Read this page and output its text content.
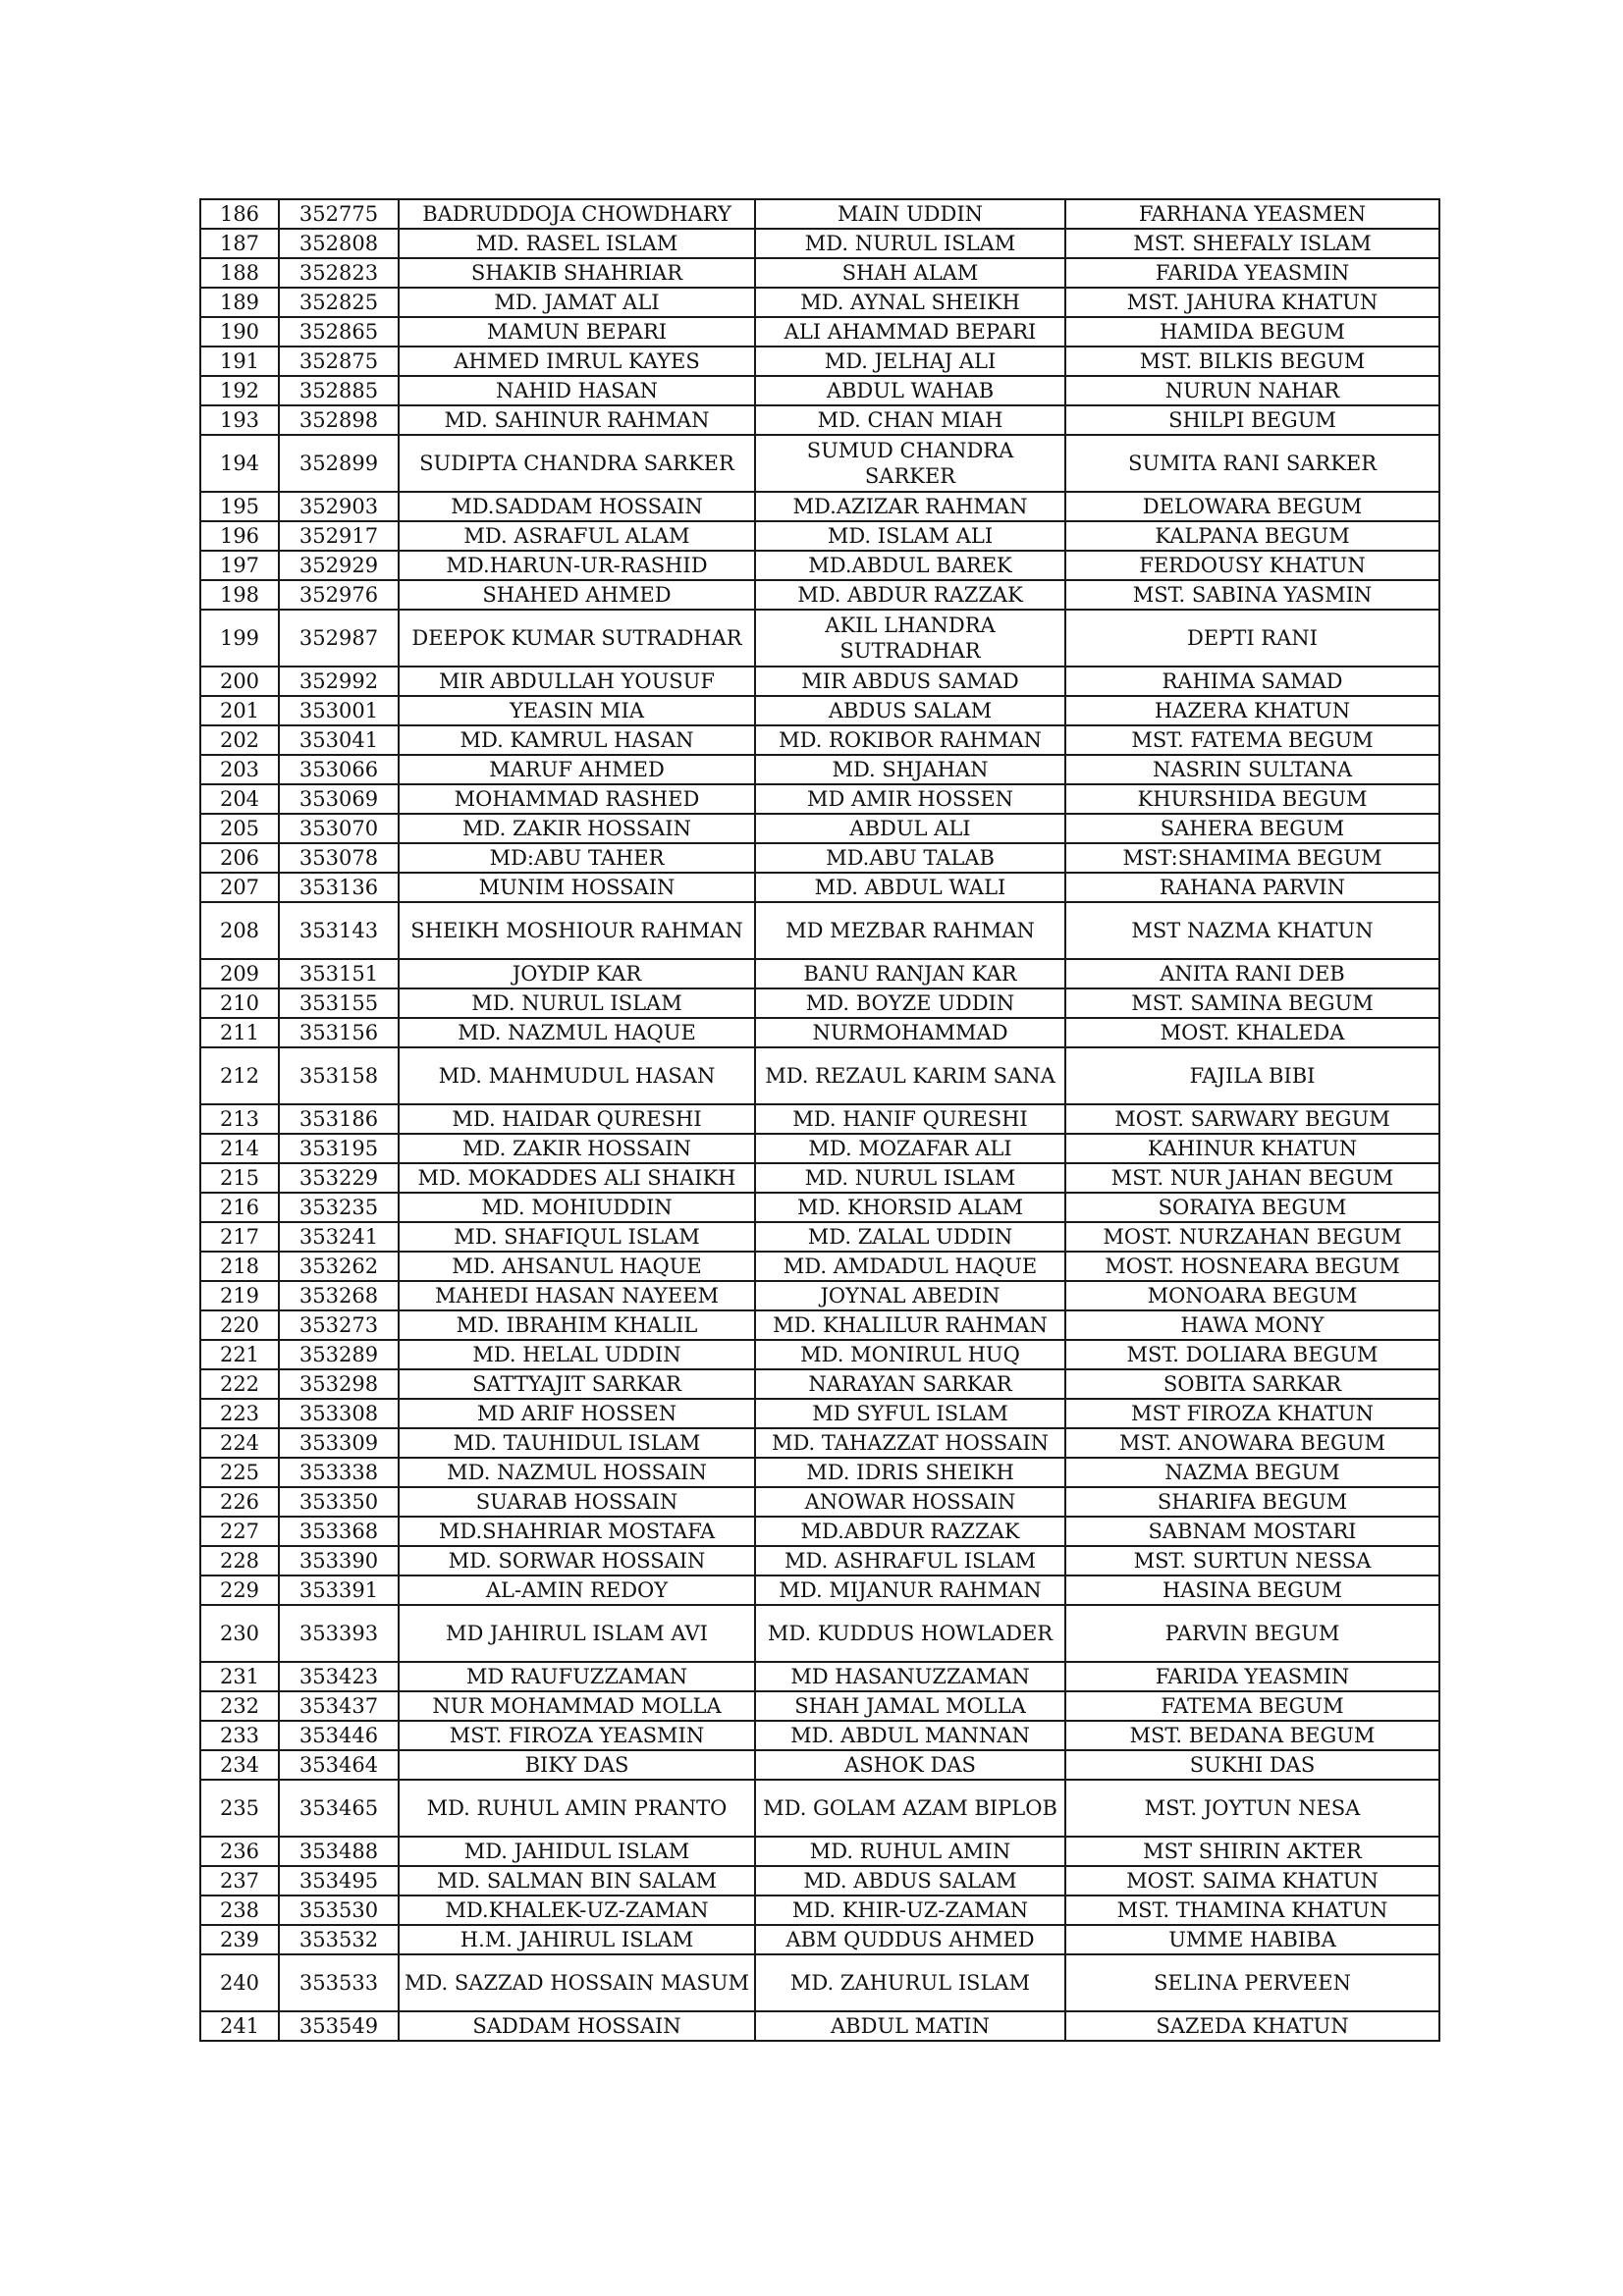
186	352775	BADRUDDOJA CHOWDHARY	MAIN UDDIN	FARHANA YEASMEN
187	352808	MD. RASEL ISLAM	MD. NURUL ISLAM	MST. SHEFALY ISLAM
188	352823	SHAKIB SHAHRIAR	SHAH ALAM	FARIDA YEASMIN
189	352825	MD. JAMAT ALI	MD. AYNAL SHEIKH	MST. JAHURA KHATUN
190	352865	MAMUN BEPARI	ALI AHAMMAD BEPARI	HAMIDA BEGUM
191	352875	AHMED IMRUL KAYES	MD. JELHAJ ALI	MST. BILKIS BEGUM
192	352885	NAHID HASAN	ABDUL WAHAB	NURUN NAHAR
193	352898	MD. SAHINUR RAHMAN	MD. CHAN MIAH	SHILPI BEGUM
194	352899	SUDIPTA CHANDRA SARKER	SUMUD CHANDRA SARKER	SUMITA RANI SARKER
195	352903	MD.SADDAM HOSSAIN	MD.AZIZAR RAHMAN	DELOWARA BEGUM
196	352917	MD. ASRAFUL ALAM	MD. ISLAM ALI	KALPANA BEGUM
197	352929	MD.HARUN-UR-RASHID	MD.ABDUL BAREK	FERDOUSY KHATUN
198	352976	SHAHED AHMED	MD. ABDUR RAZZAK	MST. SABINA YASMIN
199	352987	DEEPOK KUMAR SUTRADHAR	AKIL LHANDRA SUTRADHAR	DEPTI RANI
200	352992	MIR ABDULLAH YOUSUF	MIR ABDUS SAMAD	RAHIMA SAMAD
201	353001	YEASIN MIA	ABDUS SALAM	HAZERA KHATUN
202	353041	MD. KAMRUL HASAN	MD. ROKIBOR RAHMAN	MST. FATEMA BEGUM
203	353066	MARUF AHMED	MD. SHJAHAN	NASRIN SULTANA
204	353069	MOHAMMAD RASHED	MD AMIR HOSSEN	KHURSHIDA BEGUM
205	353070	MD. ZAKIR HOSSAIN	ABDUL ALI	SAHERA BEGUM
206	353078	MD:ABU TAHER	MD.ABU TALAB	MST:SHAMIMA BEGUM
207	353136	MUNIM HOSSAIN	MD. ABDUL WALI	RAHANA PARVIN
208	353143	SHEIKH MOSHIOUR RAHMAN	MD MEZBAR RAHMAN	MST NAZMA KHATUN
209	353151	JOYDIP KAR	BANU RANJAN KAR	ANITA RANI DEB
210	353155	MD. NURUL ISLAM	MD. BOYZE UDDIN	MST. SAMINA BEGUM
211	353156	MD. NAZMUL HAQUE	NURMOHAMMAD	MOST. KHALEDA
212	353158	MD. MAHMUDUL HASAN	MD. REZAUL KARIM SANA	FAJILA BIBI
213	353186	MD. HAIDAR QURESHI	MD. HANIF QURESHI	MOST. SARWARY BEGUM
214	353195	MD. ZAKIR HOSSAIN	MD. MOZAFAR ALI	KAHINUR KHATUN
215	353229	MD. MOKADDES ALI SHAIKH	MD. NURUL ISLAM	MST. NUR JAHAN BEGUM
216	353235	MD. MOHIUDDIN	MD. KHORSID ALAM	SORAIYA BEGUM
217	353241	MD. SHAFIQUL ISLAM	MD. ZALAL UDDIN	MOST. NURZAHAN BEGUM
218	353262	MD. AHSANUL HAQUE	MD. AMDADUL HAQUE	MOST. HOSNEARA BEGUM
219	353268	MAHEDI HASAN NAYEEM	JOYNAL ABEDIN	MONOARA BEGUM
220	353273	MD. IBRAHIM KHALIL	MD. KHALILUR RAHMAN	HAWA MONY
221	353289	MD. HELAL UDDIN	MD. MONIRUL HUQ	MST. DOLIARA BEGUM
222	353298	SATTYAJIT SARKAR	NARAYAN SARKAR	SOBITA SARKAR
223	353308	MD ARIF HOSSEN	MD SYFUL ISLAM	MST FIROZA KHATUN
224	353309	MD. TAUHIDUL ISLAM	MD. TAHAZZAT HOSSAIN	MST. ANOWARA BEGUM
225	353338	MD. NAZMUL HOSSAIN	MD. IDRIS SHEIKH	NAZMA BEGUM
226	353350	SUARAB HOSSAIN	ANOWAR HOSSAIN	SHARIFA BEGUM
227	353368	MD.SHAHRIAR MOSTAFA	MD.ABDUR RAZZAK	SABNAM MOSTARI
228	353390	MD. SORWAR HOSSAIN	MD. ASHRAFUL ISLAM	MST. SURTUN NESSA
229	353391	AL-AMIN REDOY	MD. MIJANUR RAHMAN	HASINA BEGUM
230	353393	MD JAHIRUL ISLAM AVI	MD. KUDDUS HOWLADER	PARVIN BEGUM
231	353423	MD RAUFUZZAMAN	MD HASANUZZAMAN	FARIDA YEASMIN
232	353437	NUR MOHAMMAD MOLLA	SHAH JAMAL MOLLA	FATEMA BEGUM
233	353446	MST. FIROZA YEASMIN	MD. ABDUL MANNAN	MST. BEDANA BEGUM
234	353464	BIKY DAS	ASHOK DAS	SUKHI DAS
235	353465	MD. RUHUL AMIN PRANTO	MD. GOLAM AZAM BIPLOB	MST. JOYTUN NESA
236	353488	MD. JAHIDUL ISLAM	MD. RUHUL AMIN	MST SHIRIN AKTER
237	353495	MD. SALMAN BIN SALAM	MD. ABDUS SALAM	MOST. SAIMA KHATUN
238	353530	MD.KHALEK-UZ-ZAMAN	MD. KHIR-UZ-ZAMAN	MST. THAMINA KHATUN
239	353532	H.M. JAHIRUL ISLAM	ABM QUDDUS AHMED	UMME HABIBA
240	353533	MD. SAZZAD HOSSAIN MASUM	MD. ZAHURUL ISLAM	SELINA PERVEEN
241	353549	SADDAM HOSSAIN	ABDUL MATIN	SAZEDA KHATUN
